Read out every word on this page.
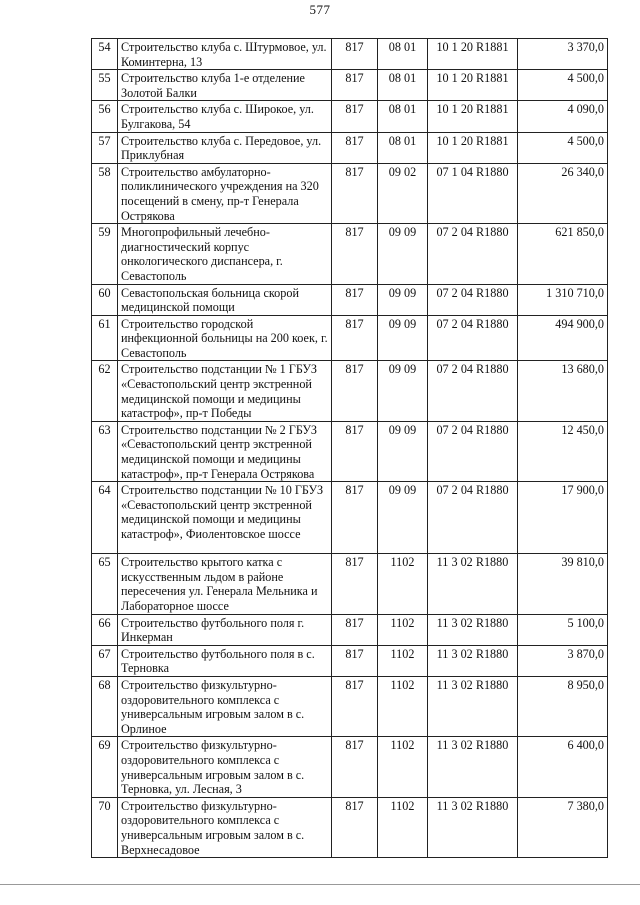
577
54	Строительство клуба с. Штурмовое, ул. Коминтерна, 13	817	08 01	10 1 20 R1881	3 370,0
55	Строительство клуба 1-е отделение Золотой Балки	817	08 01	10 1 20 R1881	4 500,0
56	Строительство клуба с. Широкое, ул. Булгакова, 54	817	08 01	10 1 20 R1881	4 090,0
57	Строительство клуба с. Передовое, ул. Приклубная	817	08 01	10 1 20 R1881	4 500,0
58	Строительство амбулаторно-поликлинического учреждения на 320 посещений в смену, пр-т Генерала Острякова	817	09 02	07 1 04 R1880	26 340,0
59	Многопрофильный лечебно-диагностический корпус онкологического диспансера, г. Севастополь	817	09 09	07 2 04 R1880	621 850,0
60	Севастопольская больница скорой медицинской помощи	817	09 09	07 2 04 R1880	1 310 710,0
61	Строительство городской инфекционной больницы на 200 коек, г. Севастополь	817	09 09	07 2 04 R1880	494 900,0
62	Строительство подстанции № 1 ГБУЗ «Севастопольский центр экстренной медицинской помощи и медицины катастроф», пр-т Победы	817	09 09	07 2 04 R1880	13 680,0
63	Строительство подстанции № 2 ГБУЗ «Севастопольский центр экстренной медицинской помощи и медицины катастроф», пр-т Генерала Острякова	817	09 09	07 2 04 R1880	12 450,0
64	Строительство подстанции № 10 ГБУЗ «Севастопольский центр экстренной медицинской помощи и медицины катастроф», Фиолентовское шоссе	817	09 09	07 2 04 R1880	17 900,0
65	Строительство крытого катка с искусственным льдом в районе пересечения ул. Генерала Мельника и Лабораторное шоссе	817	1102	11 3 02 R1880	39 810,0
66	Строительство футбольного поля г. Инкерман	817	1102	11 3 02 R1880	5 100,0
67	Строительство футбольного поля в с. Терновка	817	1102	11 3 02 R1880	3 870,0
68	Строительство физкультурно-оздоровительного комплекса с универсальным игровым залом в с. Орлиное	817	1102	11 3 02 R1880	8 950,0
69	Строительство физкультурно-оздоровительного комплекса с универсальным игровым залом в с. Терновка, ул. Лесная, 3	817	1102	11 3 02 R1880	6 400,0
70	Строительство физкультурно-оздоровительного комплекса с универсальным игровым залом в с. Верхнесадовое	817	1102	11 3 02 R1880	7 380,0
